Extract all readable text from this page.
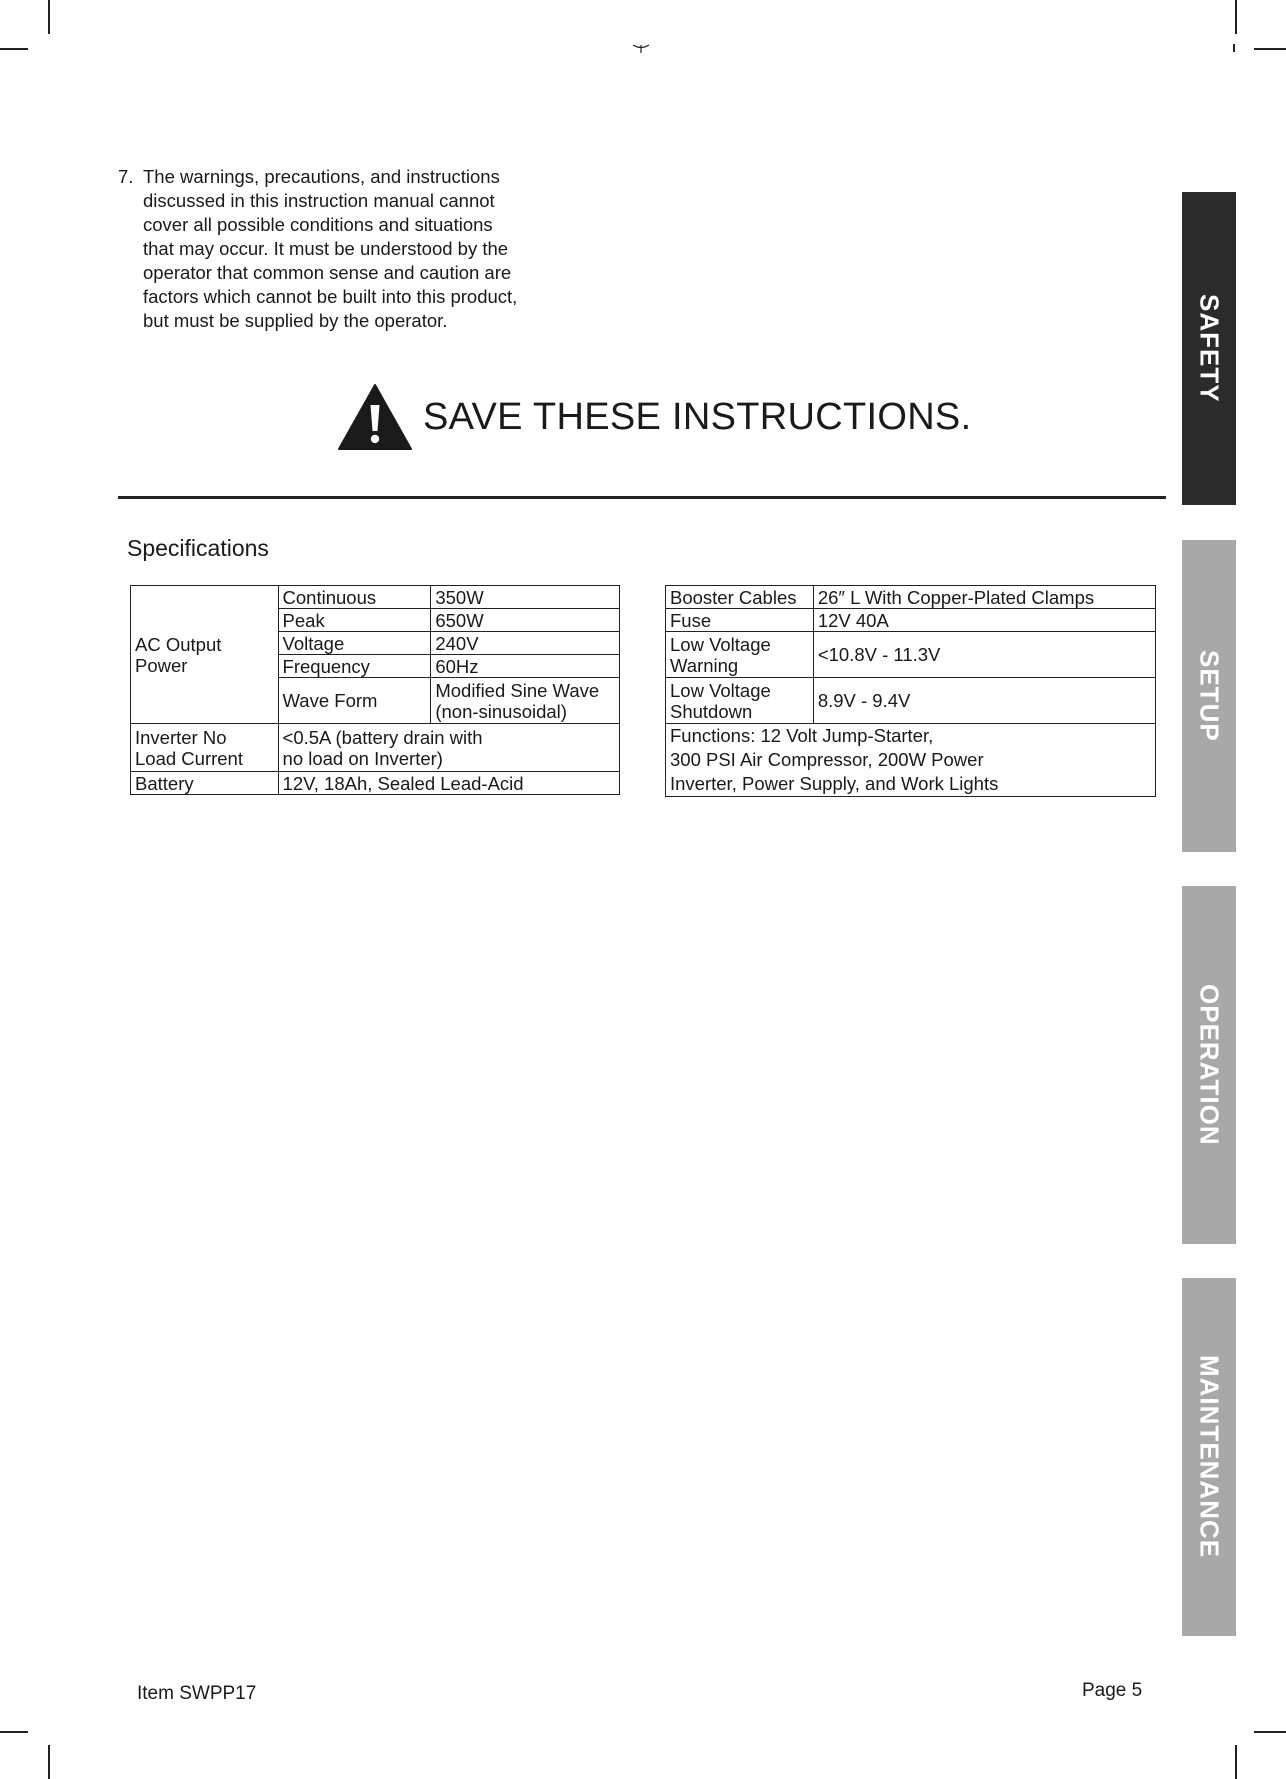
7. The warnings, precautions, and instructions
discussed in this instruction manual cannot
cover all possible conditions and situations
that may occur. It must be understood by the
operator that common sense and caution are
factors which cannot be built into this product,
but must be supplied by the operator.
SAVE THESE INSTRUCTIONS.
Specifications
AC Output
Power	Continuous	350W
	Peak	650W
	Voltage	240V
	Frequency	60Hz
	Wave Form	Modified Sine Wave
(non-sinusoidal)
Inverter No
Load Current	<0.5A (battery drain with
no load on Inverter)	
Battery	12V, 18Ah, Sealed Lead-Acid	
Booster Cables	26″ L With Copper-Plated Clamps
Fuse	12V 40A
Low Voltage
Warning	<10.8V - 11.3V
Low Voltage
Shutdown	8.9V - 9.4V
Functions: 12 Volt Jump-Starter,
300 PSI Air Compressor, 200W Power
Inverter, Power Supply, and Work Lights	
SAFETY
SETUP
OPERATION
MAINTENANCE
Item SWPP17	Page 5
